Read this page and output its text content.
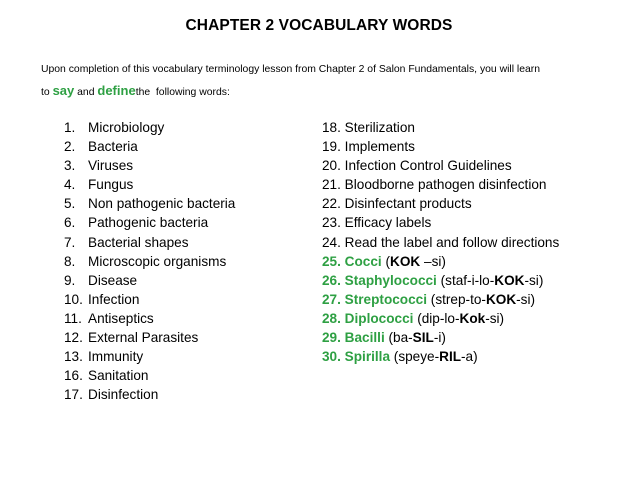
CHAPTER 2 VOCABULARY WORDS
Upon completion of this vocabulary terminology lesson from Chapter 2 of Salon Fundamentals, you will learn
to say and definethe  following words:
1. Microbiology
2. Bacteria
3. Viruses
4. Fungus
5. Non pathogenic bacteria
6. Pathogenic bacteria
7. Bacterial shapes
8. Microscopic organisms
9. Disease
10. Infection
11. Antiseptics
12. External Parasites
13. Immunity
16. Sanitation
17. Disinfection
18. Sterilization
19. Implements
20. Infection Control Guidelines
21. Bloodborne pathogen disinfection
22. Disinfectant products
23. Efficacy labels
24. Read the label and follow directions
25. Cocci (KOK –si)
26. Staphylococci (staf-i-lo-KOK-si)
27. Streptococci (strep-to-KOK-si)
28. Diplococci (dip-lo-Kok-si)
29. Bacilli (ba-SIL-i)
30. Spirilla (speye-RIL-a)
